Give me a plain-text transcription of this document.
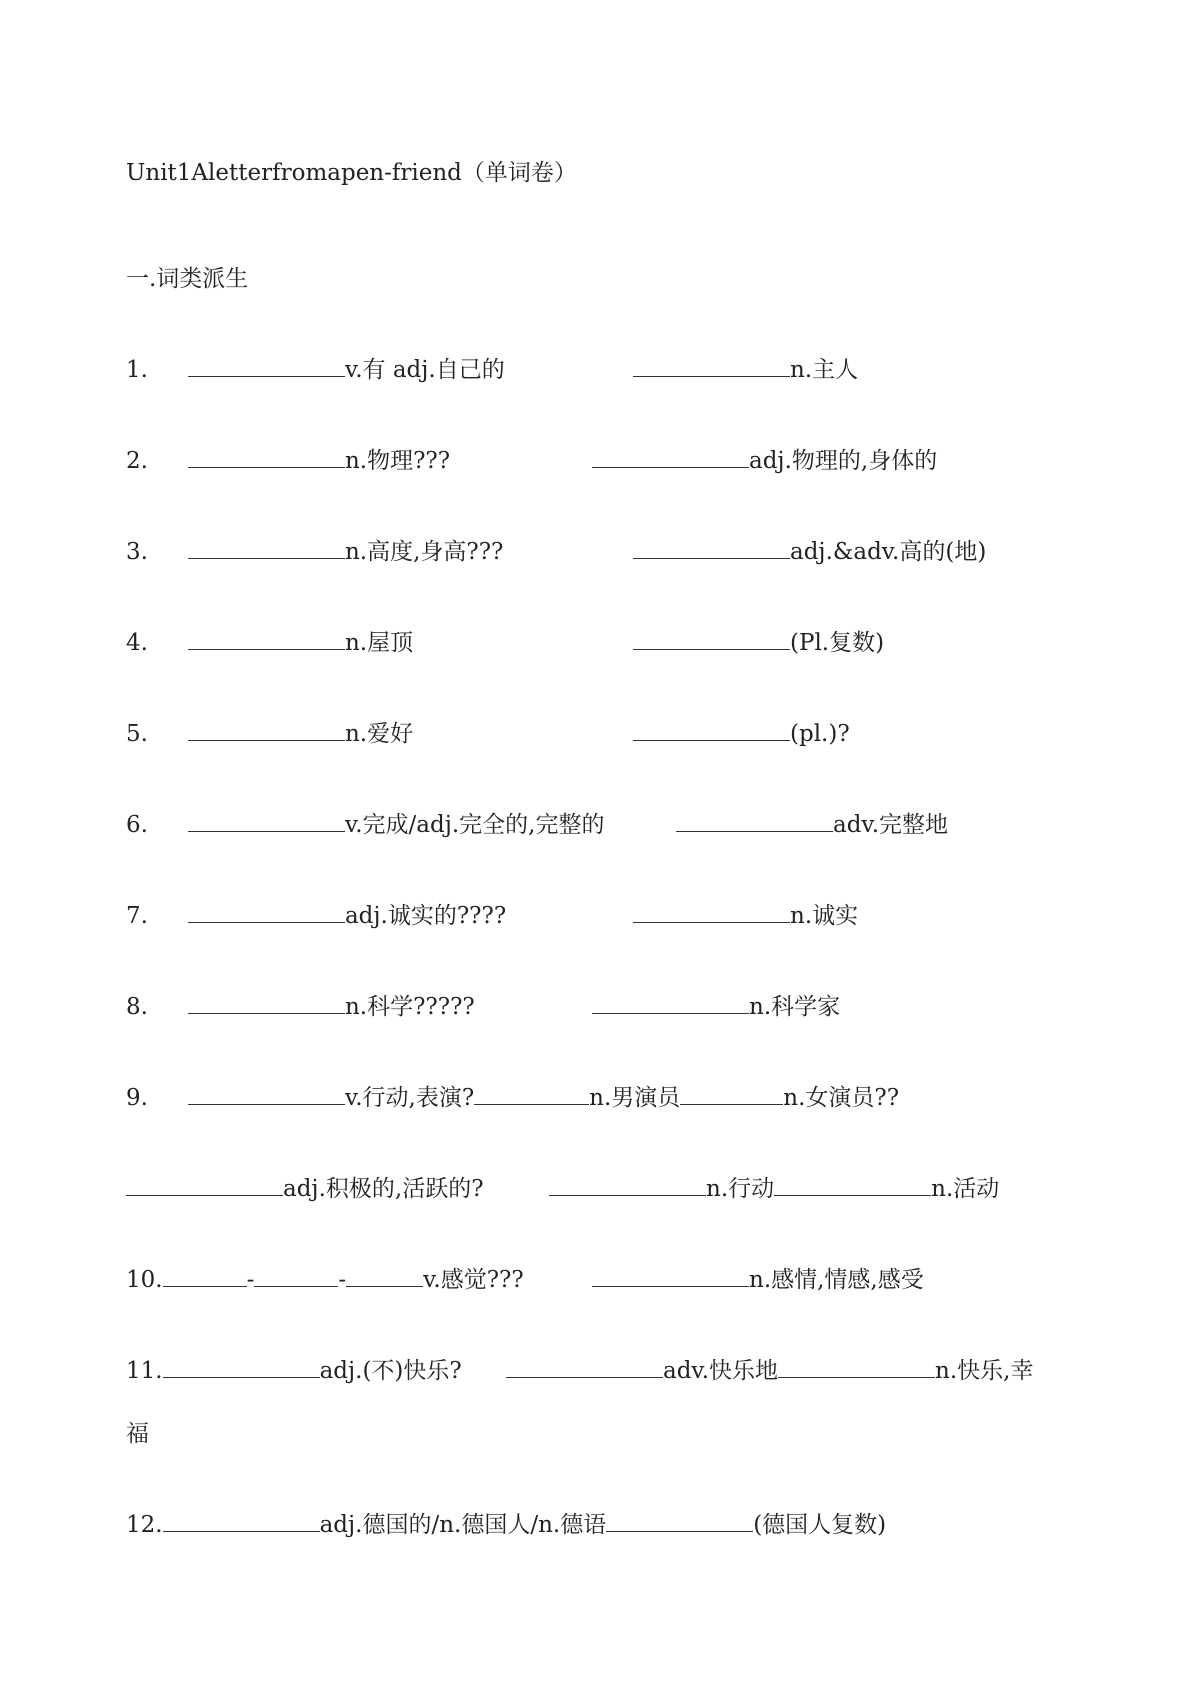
Unit1Aletterfromapen-friend（单词卷）
一.词类派生
1.	v.有 adj.自己的	n.主人
2.	n.物理???	adj.物理的,身体的
3.	n.高度,身高???	adj.&adv.高的(地)
4.	n.屋顶	(Pl.复数)
5.	n.爱好	(pl.)?
6.	v.完成/adj.完全的,完整的	adv.完整地
7.	adj.诚实的????	n.诚实
8.	n.科学?????	n.科学家
9.	v.行动,表演?	n.男演员	n.女演员??
adj.积极的,活跃的?	n.行动	n.活动
10.	-	-	v.感觉???	n.感情,情感,感受
11.	adj.(不)快乐?	adv.快乐地	n.快乐,幸
福
12.	adj.德国的/n.德国人/n.德语	(德国人复数)
